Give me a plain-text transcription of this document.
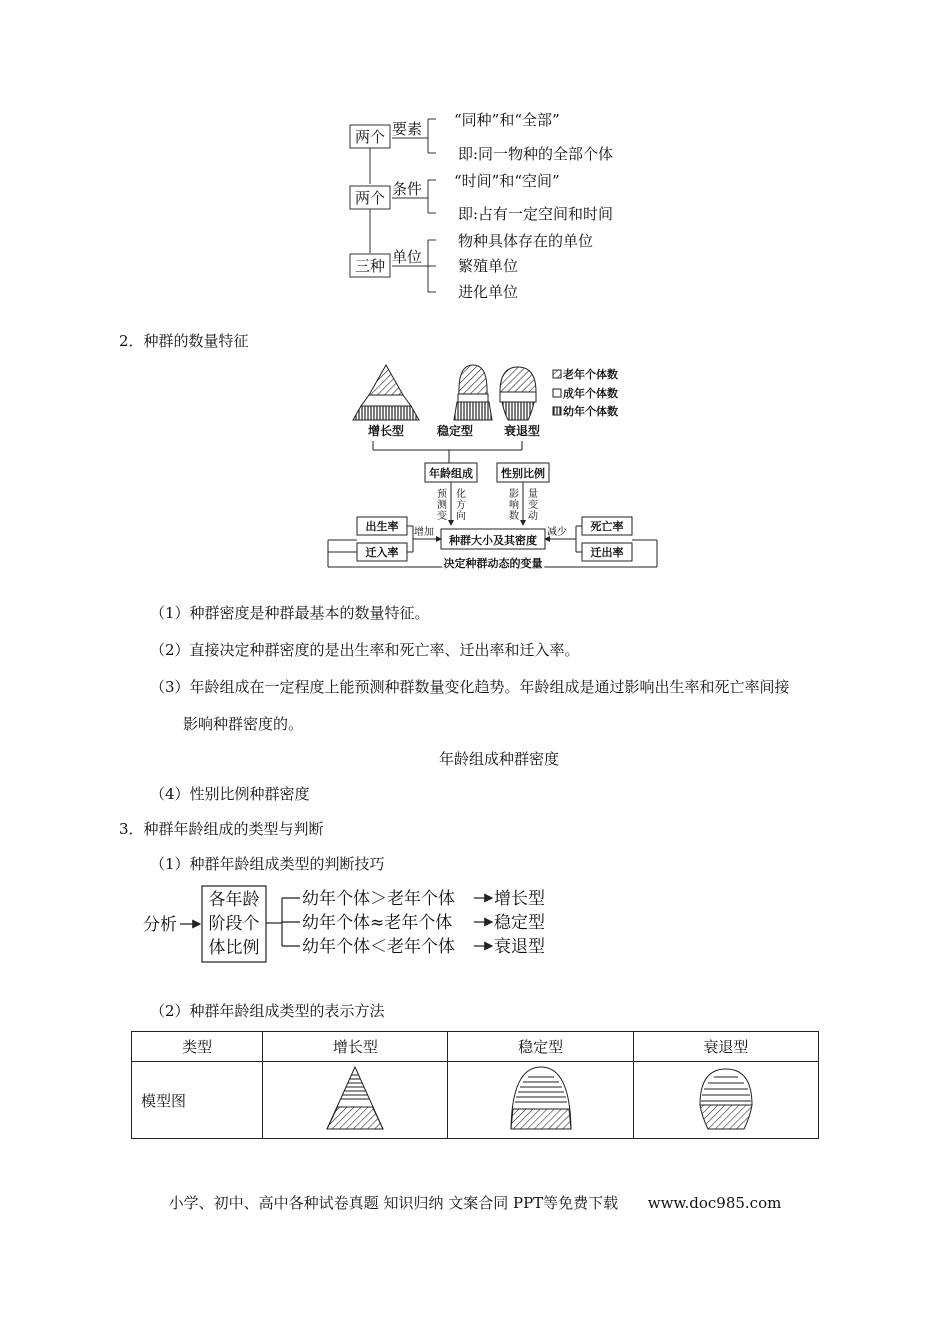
两个 要素 “同种”和“全部”
即:同一物种的全部个体
两个 条件 “时间”和“空间”
即:占有一定空间和时间
三种 单位
物种具体存在的单位
繁殖单位
进化单位
2．种群的数量特征
老年个体数
成年个体数
幼年个体数
增长型	稳定型	衰退型
年龄组成	性别比例
预
测
变
化
方
向
影
响
数
量
变
动
种群大小及其密度
出生率
迁入率
增加	死亡率
迁出率
减少
决定种群动态的变量
（1）种群密度是种群最基本的数量特征。
（2）直接决定种群密度的是出生率和死亡率、迁出率和迁入率。
（3）年龄组成在一定程度上能预测种群数量变化趋势。年龄组成是通过影响出生率和死亡率间接
影响种群密度的。
年龄组成种群密度
（4）性别比例种群密度
3．种群年龄组成的类型与判断
（1）种群年龄组成类型的判断技巧
分析
各年龄
阶段个
体比例
幼年个体＞老年个体 增长型
幼年个体≈老年个体 稳定型
幼年个体＜老年个体 衰退型
（2）种群年龄组成类型的表示方法
类型	增长型	稳定型	衰退型
模型图			
小学、初中、高中各种试卷真题 知识归纳 文案合同 PPT等免费下载 www.doc985.com
